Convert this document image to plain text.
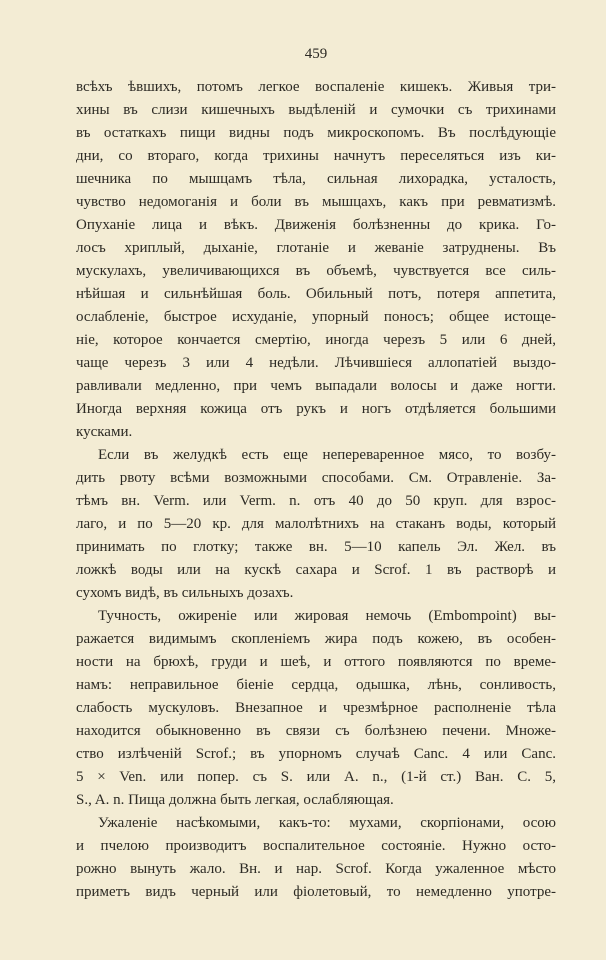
459
всѣхъ ѣвшихъ, потомъ легкое воспаленіе кишекъ. Живыя три-
хины въ слизи кишечныхъ выдѣленій и сумочки съ трихинами
въ остаткахъ пищи видны подъ микроскопомъ. Въ послѣдующіе
дни, со втораго, когда трихины начнутъ переселяться изъ ки-
шечника по мышцамъ тѣла, сильная лихорадка, усталость,
чувство недомоганія и боли въ мышцахъ, какъ при ревматизмѣ.
Опуханіе лица и вѣкъ. Движенія болѣзненны до крика. Го-
лосъ хриплый, дыханіе, глотаніе и жеваніе затруднены. Въ
мускулахъ, увеличивающихся въ объемѣ, чувствуется все силь-
нѣйшая и сильнѣйшая боль. Обильный потъ, потеря аппетита,
ослабленіе, быстрое исхуданіе, упорный поносъ; общее истоще-
ніе, которое кончается смертію, иногда черезъ 5 или 6 дней,
чаще черезъ 3 или 4 недѣли. Лѣчившіеся аллопатіей выздо-
равливали медленно, при чемъ выпадали волосы и даже ногти.
Иногда верхняя кожица отъ рукъ и ногъ отдѣляется большими
кусками.
Если въ желудкѣ есть еще непереваренное мясо, то возбу-
дить рвоту всѣми возможными способами. См. Отравленіе. За-
тѣмъ вн. Verm. или Verm. n. отъ 40 до 50 круп. для взрос-
лаго, и по 5—20 кр. для малолѣтнихъ на стаканъ воды, который
принимать по глотку; также вн. 5—10 капель Эл. Жел. въ
ложкѣ воды или на кускѣ сахара и Scrof. 1 въ растворѣ и
сухомъ видѣ, въ сильныхъ дозахъ.
Тучность, ожиреніе или жировая немочь (Embompoint) вы-
ражается видимымъ скопленіемъ жира подъ кожею, въ особен-
ности на брюхѣ, груди и шеѣ, и оттого появляются по време-
намъ: неправильное біеніе сердца, одышка, лѣнь, сонливость,
слабость мускуловъ. Внезапное и чрезмѣрное располненіе тѣла
находится обыкновенно въ связи съ болѣзнею печени. Множе-
ство излѣченій Scrof.; въ упорномъ случаѣ Canc. 4 или Canc.
5 × Ven. или попер. съ S. или A. n., (1-й ст.) Ван. C. 5,
S., A. n. Пища должна быть легкая, ослабляющая.
Ужаленіе насѣкомыми, какъ-то: мухами, скорпіонами, осою
и пчелою производитъ воспалительное состояніе. Нужно осто-
рожно вынуть жало. Вн. и нар. Scrof. Когда ужаленное мѣсто
приметъ видъ черный или фіолетовый, то немедленно употре-
